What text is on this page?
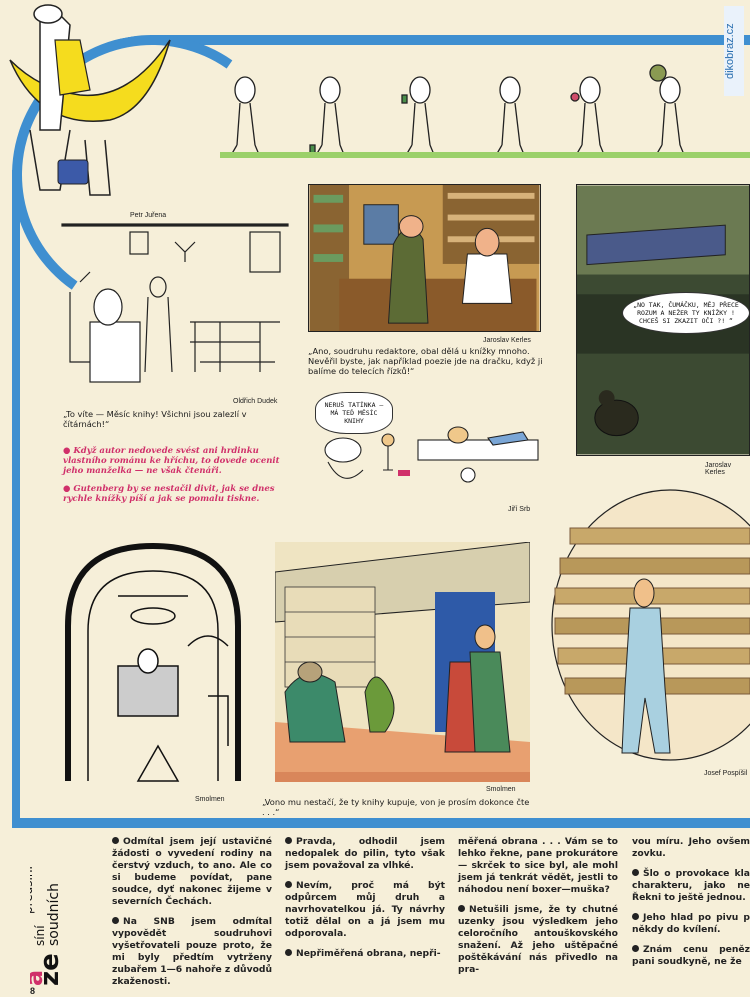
dikobraz.cz
Petr Juřena
Oldřich Dudek
„To víte — Měsíc knihy! Všichni jsou zalezlí v čítárnách!“
● Když autor nedovede svést ani hrdinku vlastního románu ke hříchu, to dovede ocenit jeho manželka — ne však čtenáři.
● Gutenberg by se nestačil divit, jak se dnes rychle knížky píší a jak se pomalu tiskne.
Jaroslav Kerles
„Ano, soudruhu redaktore, obal dělá u knížky mnoho. Nevěřil byste, jak například poezie jde na dračku, když ji balíme do telecích řízků!“
„NO TAK, ČUMÁČKU, MĚJ PŘECE ROZUM A NEŽER TY KNÍŽKY ! CHCEŠ SI ZKAZIT OČI ?! “
Jaroslav Kerles
NERUŠ TATÍNKA — MÁ TEĎ MĚSÍC KNIHY
Jiří Srb
Smolmen
Smolmen
„Vono mu nestačí, že ty knihy kupuje, von je prosím dokonce čte . . .“
Josef Pospíšil
ze
soudních
síní
předsíní

Odmítal jsem její ustavičné žádosti o vyvedení rodiny na čerstvý vzduch, to ano. Ale co si budeme povídat, pane soudce, dyť nakonec žijeme v severních Čechách.

Na SNB jsem odmítal vypovědět soudruhovi vyšetřovateli pouze proto, že mi byly předtím vytrženy zubařem 1—6 nahoře z důvodů zkaženosti.

Pravda, odhodil jsem nedopalek do pilin, tyto však jsem považoval za vlhké.

Nevím, proč má být odpůrcem můj druh a navrhovatelkou já. Ty návrhy totiž dělal on a já jsem mu odporovala.

Nepřiměřená obrana, nepři-

měřená obrana . . . Vám se to lehko řekne, pane prokurátore — skrček to sice byl, ale mohl jsem já tenkrát vědět, jestli to náhodou není boxer—muška?

Netušili jsme, že ty chutné uzenky jsou výsledkem jeho celoročního antouškovského snažení. Až jeho uštěpačné poštěkávání nás přivedlo na pra-

vou míru. Jeho ovšem zovku.

Šlo o provokace kla charakteru, jako ne Řekni to ještě jednou.

Jeho hlad po pivu p někdy do kvílení.

Znám cenu peněz pani soudkyně, ne že

8
